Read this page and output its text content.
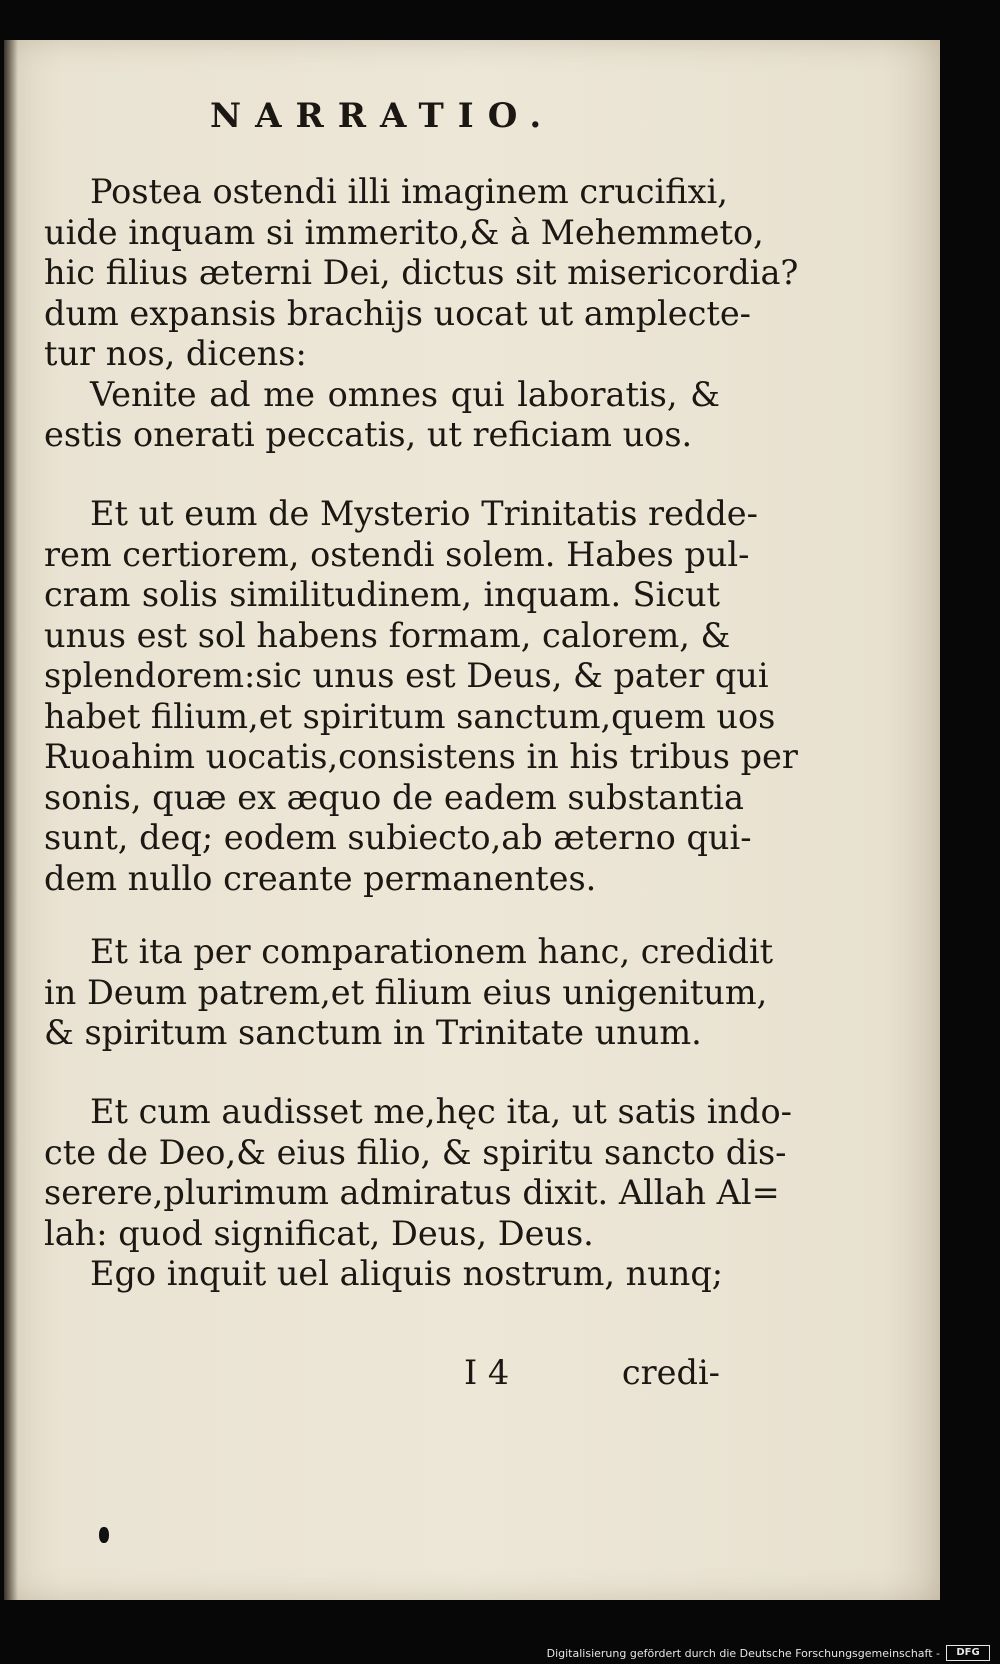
NARRATIO.
Postea ostendi illi imaginem crucifixi,
uide inquam si immerito,& à Mehemmeto,
hic filius æterni Dei, dictus sit misericordia?
dum expansis brachijs uocat ut amplecte-
tur nos, dicens:
Venite ad me omnes qui laboratis, &
estis onerati peccatis, ut reficiam uos.
Et ut eum de Mysterio Trinitatis redde-
rem certiorem, ostendi solem. Habes pul-
cram solis similitudinem, inquam. Sicut
unus est sol habens formam, calorem, &
splendorem:sic unus est Deus, & pater qui
habet filium,et spiritum sanctum,quem uos
Ruoahim uocatis,consistens in his tribus per
sonis, quæ ex æquo de eadem substantia
sunt, deq; eodem subiecto,ab æterno qui-
dem nullo creante permanentes.
Et ita per comparationem hanc, credidit
in Deum patrem,et filium eius unigenitum,
& spiritum sanctum in Trinitate unum.
Et cum audisset me,hęc ita, ut satis indo-
cte de Deo,& eius filio, & spiritu sancto dis-
serere,plurimum admiratus dixit. Allah Al=
lah: quod significat, Deus, Deus.
Ego inquit uel aliquis nostrum, nunq;
I 4	credi-
Digitalisierung gefördert durch die Deutsche Forschungsgemeinschaft -	DFG
